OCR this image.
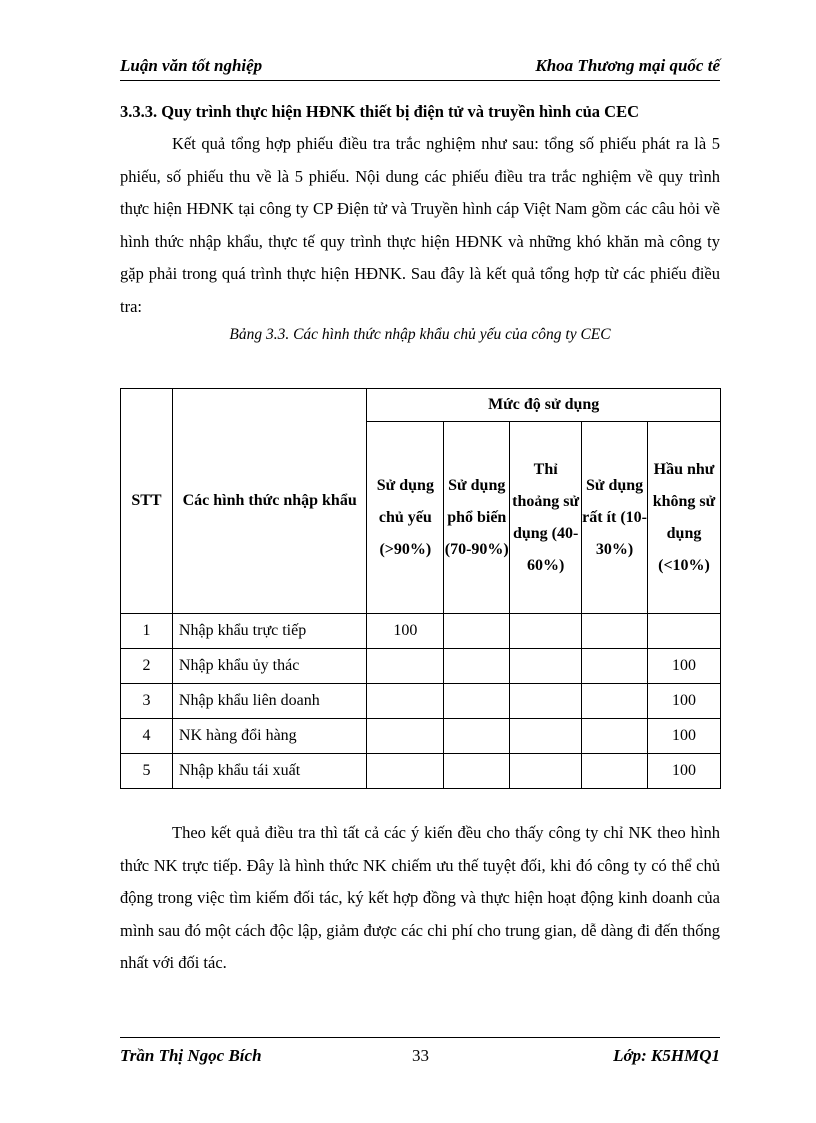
Luận văn tốt nghiệp	Khoa Thương mại quốc tế

3.3.3. Quy trình thực hiện HĐNK thiết bị điện tử và truyền hình của CEC

Kết quả tổng hợp phiếu điều tra trắc nghiệm như sau: tổng số phiếu phát ra là 5 phiếu, số phiếu thu về là 5 phiếu. Nội dung các phiếu điều tra trắc nghiệm về quy trình thực hiện HĐNK tại công ty CP Điện tử và Truyền hình cáp Việt Nam gồm các câu hỏi về hình thức nhập khẩu, thực tế quy trình thực hiện HĐNK và những khó khăn mà công ty gặp phải trong quá trình thực hiện HĐNK. Sau đây là kết quả tổng hợp từ các phiếu điều tra:

Bảng 3.3. Các hình thức nhập khẩu chủ yếu của công ty CEC

STT	Các hình thức nhập khẩu	Mức độ sử dụng				
		Sử dụng chủ yếu (>90%)	Sử dụng phổ biến (70-90%)	Thỉ thoảng sử dụng (40-60%)	Sử dụng rất ít (10-30%)	Hầu như không sử dụng (<10%)
1	Nhập khẩu trực tiếp	100				
2	Nhập khẩu ủy thác					100
3	Nhập khẩu liên doanh					100
4	NK hàng đổi hàng					100
5	Nhập khẩu tái xuất					100

Theo kết quả điều tra thì tất cả các ý kiến đều cho thấy công ty chỉ NK theo hình thức NK trực tiếp. Đây là hình thức NK chiếm ưu thế tuyệt đối, khi đó công ty có thể chủ động trong việc tìm kiếm đối tác, ký kết hợp đồng và thực hiện hoạt động kinh doanh của mình sau đó một cách độc lập, giảm được các chi phí cho trung gian, dễ dàng đi đến thống nhất với đối tác.

Trần Thị Ngọc Bích	33	Lớp: K5HMQ1
